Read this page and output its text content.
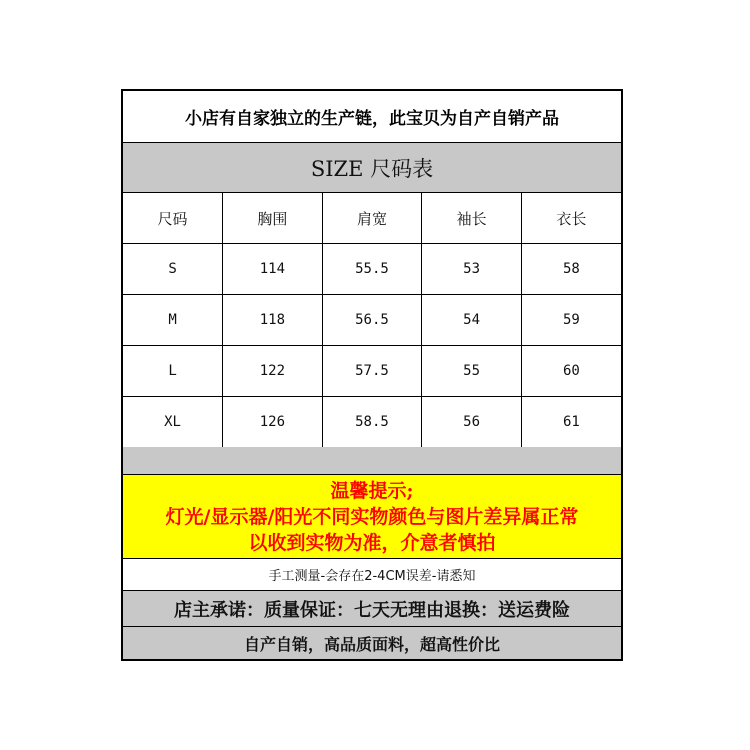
小店有自家独立的生产链，此宝贝为自产自销产品
SIZE 尺码表
尺码	胸围	肩宽	袖长	衣长
S	114	55.5	53	58
M	118	56.5	54	59
L	122	57.5	55	60
XL	126	58.5	56	61
温馨提示;
灯光/显示器/阳光不同实物颜色与图片差异属正常
以收到实物为准，介意者慎拍
手工测量-会存在2-4CM误差-请悉知
店主承诺：质量保证：七天无理由退换：送运费险
自产自销，高品质面料，超高性价比
